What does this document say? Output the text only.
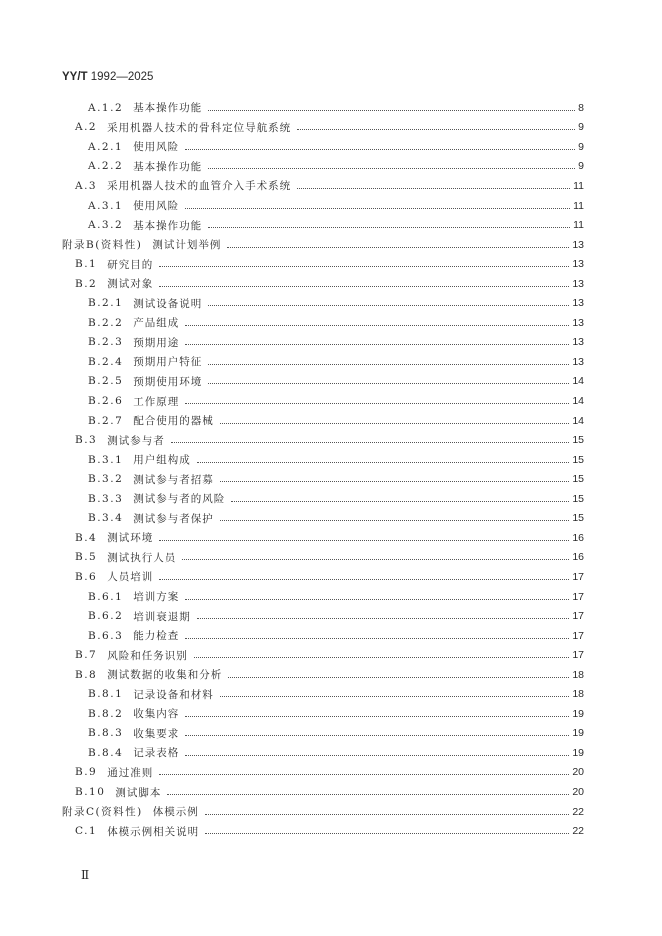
YY/T 1992—2025
A.1.2 基本操作功能	8
A.2 采用机器人技术的骨科定位导航系统	9
A.2.1 使用风险	9
A.2.2 基本操作功能	9
A.3 采用机器人技术的血管介入手术系统	11
A.3.1 使用风险	11
A.3.2 基本操作功能	11
附录B(资料性) 测试计划举例	13
B.1 研究目的	13
B.2 测试对象	13
B.2.1 测试设备说明	13
B.2.2 产品组成	13
B.2.3 预期用途	13
B.2.4 预期用户特征	13
B.2.5 预期使用环境	14
B.2.6 工作原理	14
B.2.7 配合使用的器械	14
B.3 测试参与者	15
B.3.1 用户组构成	15
B.3.2 测试参与者招募	15
B.3.3 测试参与者的风险	15
B.3.4 测试参与者保护	15
B.4 测试环境	16
B.5 测试执行人员	16
B.6 人员培训	17
B.6.1 培训方案	17
B.6.2 培训衰退期	17
B.6.3 能力检查	17
B.7 风险和任务识别	17
B.8 测试数据的收集和分析	18
B.8.1 记录设备和材料	18
B.8.2 收集内容	19
B.8.3 收集要求	19
B.8.4 记录表格	19
B.9 通过准则	20
B.10 测试脚本	20
附录C(资料性) 体模示例	22
C.1 体模示例相关说明	22
Ⅱ
